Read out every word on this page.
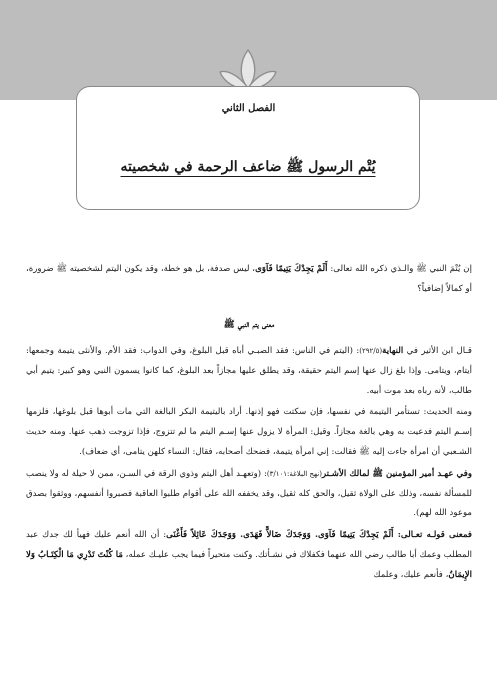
الفصل الثاني
يُتْم الرسول ﷺ ضاعف الرحمة في شخصيته

إن يُتْمَ النبي ﷺ والـذي ذكره الله تعالى: أَلَمْ يَجِدْكَ يَتِيمًا فَآوَى، ليس صدفة، بل هو خطة، وقد يكون اليتم لشخصيته ﷺ ضرورة، أو كمالاً إضافياً؟

معنى يتم النبي ﷺ

قـال ابن الأثير في النهاية(٢٩٢/٥): (اليتم في الناس: فقد الصبـي أباه قبل البلوغ، وفي الدواب: فقد الأم. والأنثى يتيمة وجمعها: أيتام، ويتامى. وإذا بلغ زال عنها إسم اليتم حقيقة، وقد يطلق عليها مجازاً بعد البلوغ، كما كانوا يسمون النبي وهو كبير: يتيم أبي طالب، لأنه رباه بعد موت أبيه.

ومنه الحديث: تستأمر اليتيمة في نفسها، فإن سكتت فهو إذنها. أراد باليتيمة البكر البالغة التي مات أبوها قبل بلوغها، فلزمها إسـم اليتم فدعيت به وهي بالغة مجازاً. وقيل: المرأة لا يزول عنها إسـم اليتم ما لم تتزوج، فإذا تزوجت ذهب عنها. ومنه حديث الشـعبي أن امرأة جاءت إليه ﷺ فقالت: إني امرأة يتيمة، فضحك أصحابه، فقال: النساء كلهن يتامى، أي ضعاف).

وفي عهـد أمير المؤمنين ﷺ لمالك الأشـتر(نهج البلاغة:٣/١٠١): (وتعهـد أهل اليتم وذوي الرقة في السـن، ممن لا حيلة له ولا ينصب للمسألة نفسه، وذلك على الولاة ثقيل، والحق كله ثقيل، وقد يخففه الله على أقوام طلبوا العاقبة فصبروا أنفسهم، ووثقوا بصدق موعود الله لهم).

فمعنى قولـه تعـالى: أَلَمْ يَجِدْكَ يَتِيمًا فَآوَى. وَوَجَدَكَ ضَالاًّ فَهَدَى. وَوَجَدَكَ عَائِلاً فَأَغْنَى: أن الله أنعم عليك فهيأ لك جدك عبد المطلب وعمك أبا طالب رضي الله عنهما فكفلاك في نشـأتك. وكنت متحيراً فيما يجب عليـك عمله، مَا كُنْتَ تَدْرِي مَا الْكِتَـابُ وَلا الإِيمَانُ، فأنعم عليك، وعلمك
